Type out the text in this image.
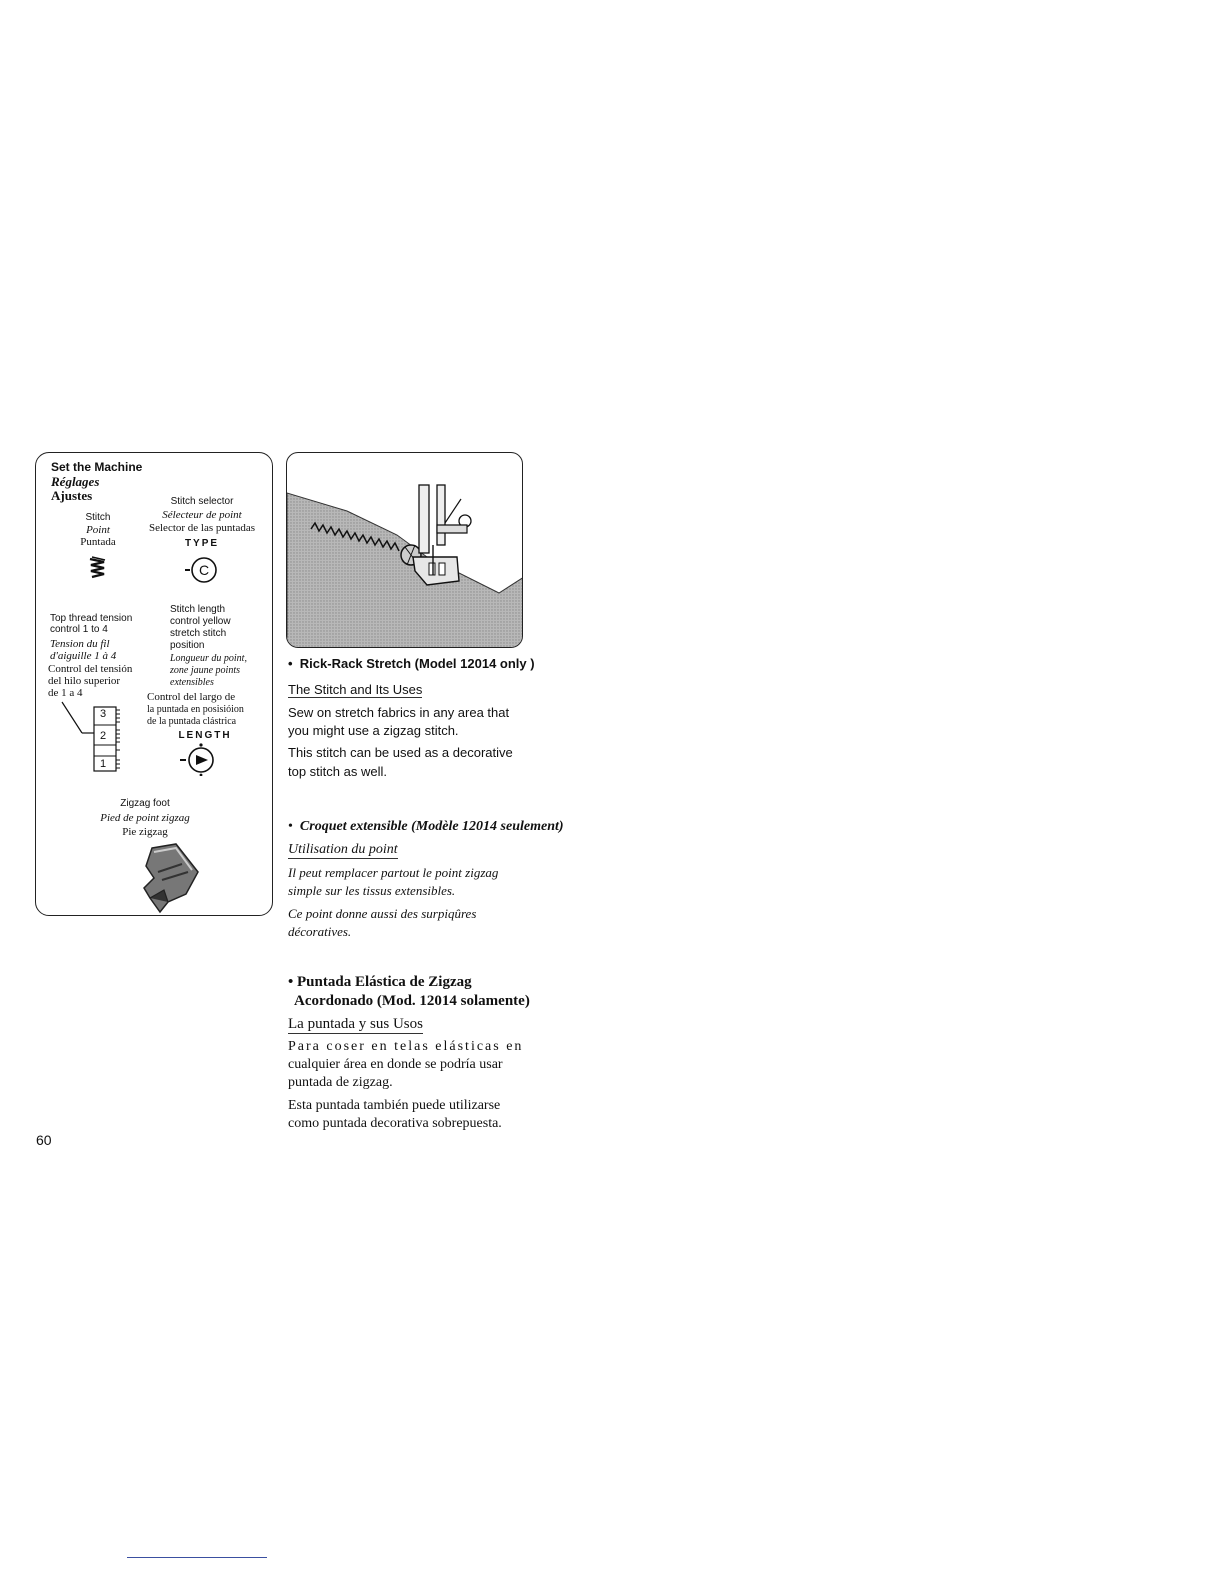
Set the Machine
Réglages
Ajustes
Stitch
Point
Puntada
Stitch selector
Sélecteur de point
Selector de las puntadas
TYPE
C
Top thread tension
control 1 to 4
Tension du fil
d'aiguille 1 à 4
Control del tensión
del hilo superior
de 1 a 4
3
2
1
Stitch length
control yellow
stretch stitch
position
Longueur du point,
zone jaune points
extensibles
Control del largo de
la puntada en posisióion
de la puntada clástrica
LENGTH
Zigzag foot
Pied de point zigzag
Pie zigzag
•  Rick-Rack Stretch (Model 12014 only )
The Stitch and Its Uses
Sew on stretch fabrics in any area that
you might use a zigzag stitch.
This stitch can be used as a decorative
top stitch as well.
•  Croquet extensible (Modèle 12014 seulement)
Utilisation du point
Il peut remplacer partout le point zigzag
simple sur les tissus extensibles.
Ce point donne aussi des surpiqûres
décoratives.
• Puntada Elástica de Zigzag
Acordonado (Mod. 12014 solamente)
La puntada y sus Usos
Para coser en telas elásticas en
cualquier área en donde se podría usar
puntada de zigzag.
Esta puntada también puede utilizarse
como puntada decorativa sobrepuesta.
60
